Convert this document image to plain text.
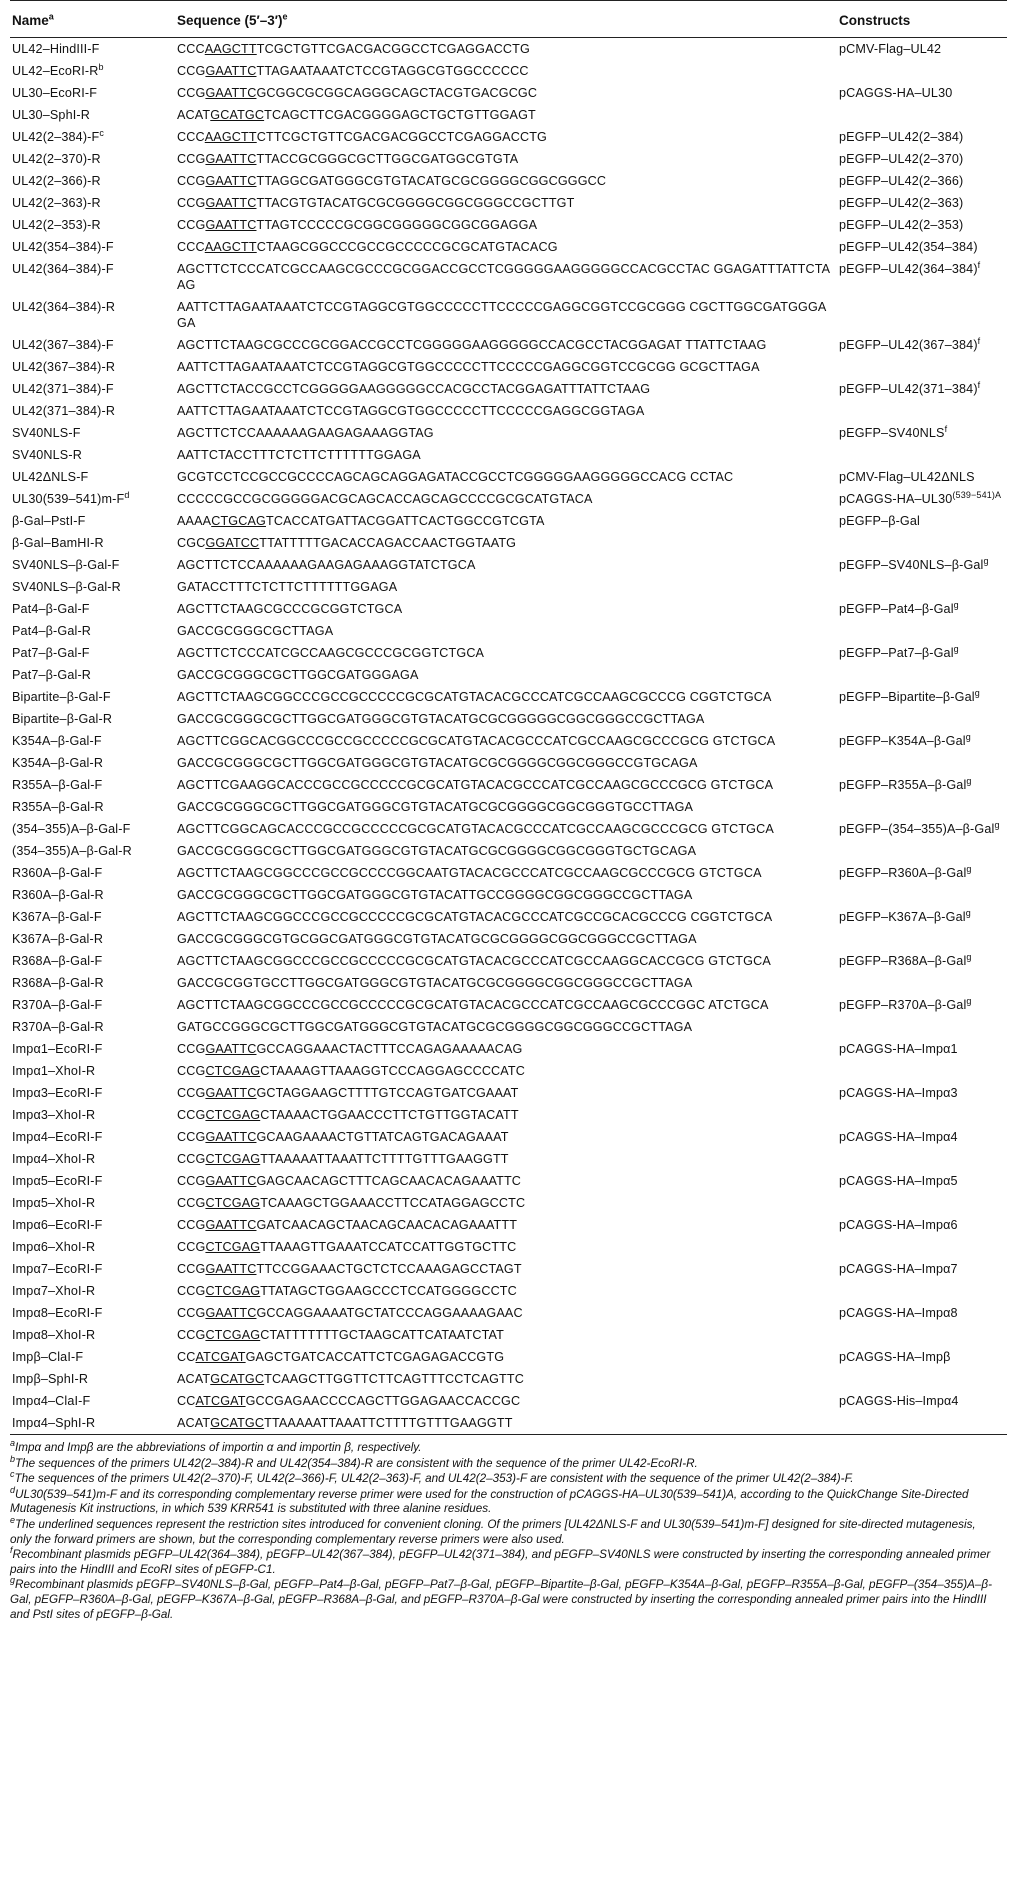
Name$^a$	Sequence $(5'-3')^e$	Constructs
UL42–HindIII-F	CCCAAGCTTTCGCTGTTCGACGACGGCCTCGAGGACCTG	pCMV-Flag–UL42
$UL42-EcoRI-R^b$	CCGGAATTCTTAGAATAAATCTCCGTAGGCGTGGCCCCCC	
UL30–EcoRI-F	CCGGAATTCGCGGCGCGGCAGGGCAGCTACGTGACGCGC	pCAGGS-HA–UL30
UL30–SphI-R	ACATGCATGCTCAGCTTCGACGGGGAGCTGCTGTTGGAGT	
$UL42(2-384)-F^c$	CCCAAGCTTCTTCGCTGTTCGACGACGGCCTCGAGGACCTG	pEGFP–UL42(2–384)
UL42(2–370)-R	CCGGAATTCTTACCGCGGGCGCTTGGCGATGGCGTGTA	pEGFP–UL42(2–370)
UL42(2–366)-R	CCGGAATTCTTAGGCGATGGGCGTGTACATGCGCGGGGCGGCGGGCC	pEGFP–UL42(2–366)
UL42(2–363)-R	CCGGAATTCTTACGTGTACATGCGCGGGGCGGCGGGCCGCTTGT	pEGFP–UL42(2–363)
UL42(2–353)-R	CCGGAATTCTTAGTCCCCCGCGGCGGGGGCGGCGGAGGA	pEGFP–UL42(2–353)
UL42(354–384)-F	CCCAAGCTTCTAAGCGGCCCGCCGCCCCCGCGCATGTACACG	pEGFP–UL42(354–384)
UL42(364–384)-F	AGCTTCTCCCATCGCCAAGCGCCCGCGGACCGCCTCGGGGGAAGGGGGCCACGCCTAC GGAGATTTATTCTAAG	pEGFP–$UL42(364-384)^f$
UL42(364–384)-R	AATTCTTAGAATAAATCTCCGTAGGCGTGGCCCCCTTCCCCCGAGGCGGTCCGCGGG CGCTTGGCGATGGGAGA	
UL42(367–384)-F	AGCTTCTAAGCGCCCGCGGACCGCCTCGGGGGAAGGGGGCCACGCCTACGGAGAT TTATTCTAAG	pEGFP–$UL42(367-384)^f$
UL42(367–384)-R	AATTCTTAGAATAAATCTCCGTAGGCGTGGCCCCCTTCCCCCGAGGCGGTCCGCGG GCGCTTAGA	
UL42(371–384)-F	AGCTTCTACCGCCTCGGGGGAAGGGGGCCACGCCTACGGAGATTTATTCTAAG	pEGFP–$UL42(371-384)^f$
UL42(371–384)-R	AATTCTTAGAATAAATCTCCGTAGGCGTGGCCCCCTTCCCCCGAGGCGGTAGA	
SV40NLS-F	AGCTTCTCCAAAAAAGAAGAGAAAGGTAG	pEGFP–SV40NLS$^f$
SV40NLS-R	AATTCTACCTTTCTCTTCTTTTTTGGAGA	
UL42ΔNLS-F	GCGTCCTCCGCCGCCCCAGCAGCAGGAGATACCGCCTCGGGGGAAGGGGGCCACG CCTAC	pCMV-Flag–UL42ΔNLS
$UL30(539-541)m-F^d$	CCCCCGCCGCGGGGGACGCAGCACCAGCAGCCCCGCGCATGTACA	pCAGGS-$HA-UL30^{(539-541)A}$
β-Gal–PstI-F	AAAACTGCAGTCACCATGATTACGGATTCACTGGCCGTCGTA	pEGFP–β-Gal
β-Gal–BamHI-R	CGCGGATCCTTATTTTTGACACCAGACCAACTGGTAATG	
SV40NLS–β-Gal-F	AGCTTCTCCAAAAAAGAAGAGAAAGGTATCTGCA	pEGFP–SV40NLS–β-Gal$^g$
SV40NLS–β-Gal-R	GATACCTTTCTCTTCTTTTTTGGAGA	
Pat4–β-Gal-F	AGCTTCTAAGCGCCCGCGGTCTGCA	pEGFP–Pat4–β-Gal$^g$
Pat4–β-Gal-R	GACCGCGGGCGCTTAGA	
Pat7–β-Gal-F	AGCTTCTCCCATCGCCAAGCGCCCGCGGTCTGCA	pEGFP–Pat7–β-Gal$^g$
Pat7–β-Gal-R	GACCGCGGGCGCTTGGCGATGGGAGA	
Bipartite–β-Gal-F	AGCTTCTAAGCGGCCCGCCGCCCCCGCGCATGTACACGCCCATCGCCAAGCGCCCG CGGTCTGCA	pEGFP–Bipartite–β-Gal$^g$
Bipartite–β-Gal-R	GACCGCGGGCGCTTGGCGATGGGCGTGTACATGCGCGGGGGCGGCGGGCCGCTTAGA	
K354A–β-Gal-F	AGCTTCGGCACGGCCCGCCGCCCCCGCGCATGTACACGCCCATCGCCAAGCGCCCGCG GTCTGCA	pEGFP–K354A–β-Gal$^g$
K354A–β-Gal-R	GACCGCGGGCGCTTGGCGATGGGCGTGTACATGCGCGGGGCGGCGGGCCGTGCAGA	
R355A–β-Gal-F	AGCTTCGAAGGCACCCGCCGCCCCCGCGCATGTACACGCCCATCGCCAAGCGCCCGCG GTCTGCA	pEGFP–R355A–β-Gal$^g$
R355A–β-Gal-R	GACCGCGGGCGCTTGGCGATGGGCGTGTACATGCGCGGGGCGGCGGGTGCCTTAGA	
(354–355)A–β-Gal-F	AGCTTCGGCAGCACCCGCCGCCCCCGCGCATGTACACGCCCATCGCCAAGCGCCCGCG GTCTGCA	pEGFP–(354–355)A–β-Gal$^g$
(354–355)A–β-Gal-R	GACCGCGGGCGCTTGGCGATGGGCGTGTACATGCGCGGGGCGGCGGGTGCTGCAGA	
R360A–β-Gal-F	AGCTTCTAAGCGGCCCGCCGCCCCGGCAATGTACACGCCCATCGCCAAGCGCCCGCG GTCTGCA	pEGFP–R360A–β-Gal$^g$
R360A–β-Gal-R	GACCGCGGGCGCTTGGCGATGGGCGTGTACATTGCCGGGGCGGCGGGCCGCTTAGA	
K367A–β-Gal-F	AGCTTCTAAGCGGCCCGCCGCCCCCGCGCATGTACACGCCCATCGCCGCACGCCCG CGGTCTGCA	pEGFP–K367A–β-Gal$^g$
K367A–β-Gal-R	GACCGCGGGCGTGCGGCGATGGGCGTGTACATGCGCGGGGCGGCGGGCCGCTTAGA	
R368A–β-Gal-F	AGCTTCTAAGCGGCCCGCCGCCCCCGCGCATGTACACGCCCATCGCCAAGGCACCGCG GTCTGCA	pEGFP–R368A–β-Gal$^g$
R368A–β-Gal-R	GACCGCGGTGCCTTGGCGATGGGCGTGTACATGCGCGGGGCGGCGGGCCGCTTAGA	
R370A–β-Gal-F	AGCTTCTAAGCGGCCCGCCGCCCCCGCGCATGTACACGCCCATCGCCAAGCGCCCGGC ATCTGCA	pEGFP–R370A–β-Gal$^g$
R370A–β-Gal-R	GATGCCGGGCGCTTGGCGATGGGCGTGTACATGCGCGGGGCGGCGGGCCGCTTAGA	
Impα1–EcoRI-F	CCGGAATTCGCCAGGAAACTACTTTCCAGAGAAAAACAG	pCAGGS-HA–Impα1
Impα1–XhoI-R	CCGCTCGAGCTAAAAGTTAAAGGTCCCAGGAGCCCCATC	
Impα3–EcoRI-F	CCGGAATTCGCTAGGAAGCTTTTGTCCAGTGATCGAAAT	pCAGGS-HA–Impα3
Impα3–XhoI-R	CCGCTCGAGCTAAAACTGGAACCCTTCTGTTGGTACATT	
Impα4–EcoRI-F	CCGGAATTCGCAAGAAAACTGTTATCAGTGACAGAAAT	pCAGGS-HA–Impα4
Impα4–XhoI-R	CCGCTCGAGTTAAAAATTAAATTCTTTTGTTTGAAGGTT	
Impα5–EcoRI-F	CCGGAATTCGAGCAACAGCTTTCAGCAACACAGAAATTC	pCAGGS-HA–Impα5
Impα5–XhoI-R	CCGCTCGAGTCAAAGCTGGAAACCTTCCATAGGAGCCTC	
Impα6–EcoRI-F	CCGGAATTCGATCAACAGCTAACAGCAACACAGAAATTT	pCAGGS-HA–Impα6
Impα6–XhoI-R	CCGCTCGAGTTAAAGTTGAAATCCATCCATTGGTGCTTC	
Impα7–EcoRI-F	CCGGAATTCTTCCGGAAACTGCTCTCCAAAGAGCCTAGT	pCAGGS-HA–Impα7
Impα7–XhoI-R	CCGCTCGAGTTATAGCTGGAAGCCCTCCATGGGGCCTC	
Impα8–EcoRI-F	CCGGAATTCGCCAGGAAAATGCTATCCCAGGAAAAGAAC	pCAGGS-HA–Impα8
Impα8–XhoI-R	CCGCTCGAGCTATTTTTTTGCTAAGCATTCATAATCTAT	
Impβ–ClaI-F	CCATCGATGAGCTGATCACCATTCTCGAGAGACCGTG	pCAGGS-HA–Impβ
Impβ–SphI-R	ACATGCATGCTCAAGCTTGGTTCTTCAGTTTCCTCAGTTC	
Impα4–ClaI-F	CCATCGATGCCGAGAACCCCAGCTTGGAGAACCACCGC	pCAGGS-His–Impα4
Impα4–SphI-R	ACATGCATGCTTAAAAATTAAATTCTTTTGTTTGAAGGTT	

$^a$Impα and Impβ are the abbreviations of importin α and importin β, respectively.

$^b$The sequences of the primers UL42(2–384)-R and UL42(354–384)-R are consistent with the sequence of the primer UL42-EcoRI-R.

$^c$The sequences of the primers UL42(2–370)-F, UL42(2–366)-F, UL42(2–363)-F, and UL42(2–353)-F are consistent with the sequence of the primer UL42(2–384)-F.

$^d$UL30(539–541)m-F and its corresponding complementary reverse primer were used for the construction of pCAGGS-HA–UL30(539–541)A, according to the QuickChange Site-Directed Mutagenesis Kit instructions, in which 539 KRR541 is substituted with three alanine residues.

$^e$The underlined sequences represent the restriction sites introduced for convenient cloning. Of the primers [UL42ΔNLS-F and UL30(539–541)m-F] designed for site-directed mutagenesis, only the forward primers are shown, but the corresponding complementary reverse primers were also used.

$^f$Recombinant plasmids pEGFP–UL42(364–384), pEGFP–UL42(367–384), pEGFP–UL42(371–384), and pEGFP–SV40NLS were constructed by inserting the corresponding annealed primer pairs into the HindIII and EcoRI sites of pEGFP-C1.

$^g$Recombinant plasmids pEGFP–SV40NLS–β-Gal, pEGFP–Pat4–β-Gal, pEGFP–Pat7–β-Gal, pEGFP–Bipartite–β-Gal, pEGFP–K354A–β-Gal, pEGFP–R355A–β-Gal, pEGFP–(354–355)A–β-Gal, pEGFP–R360A–β-Gal, pEGFP–K367A–β-Gal, pEGFP–R368A–β-Gal, and pEGFP–R370A–β-Gal were constructed by inserting the corresponding annealed primer pairs into the HindIII and PstI sites of pEGFP–β-Gal.
